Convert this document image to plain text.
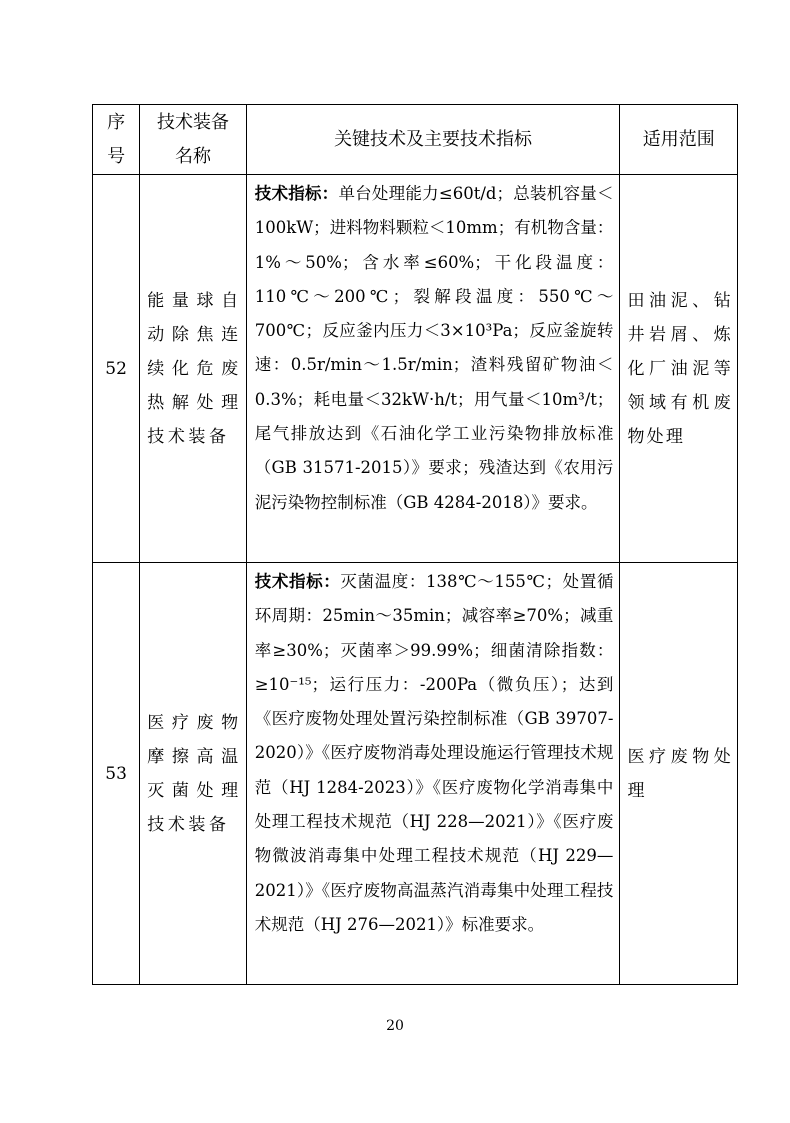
序号	技术装备名称	关键技术及主要技术指标	适用范围
52	能量球自动除焦连续化危废热解处理技术装备	技术指标：单台处理能力≤60t/d；总装机容量＜100kW；进料物料颗粒＜10mm；有机物含量：1%～50%；含水率≤60%；干化段温度：110℃～200℃；裂解段温度：550℃～700℃；反应釜内压力＜3×10³Pa；反应釜旋转速：0.5r/min～1.5r/min；渣料残留矿物油＜0.3%；耗电量＜32kW·h/t；用气量＜10m³/t；尾气排放达到《石油化学工业污染物排放标准（GB 31571-2015）》要求；残渣达到《农用污泥污染物控制标准（GB 4284-2018）》要求。	田油泥、钻井岩屑、炼化厂油泥等领域有机废物处理
53	医疗废物摩擦高温灭菌处理技术装备	技术指标：灭菌温度：138℃～155℃；处置循环周期：25min～35min；减容率≥70%；减重率≥30%；灭菌率＞99.99%；细菌清除指数：≥10⁻¹⁵；运行压力：-200Pa（微负压）；达到《医疗废物处理处置污染控制标准（GB 39707-2020）》《医疗废物消毒处理设施运行管理技术规范（HJ 1284-2023）》《医疗废物化学消毒集中处理工程技术规范（HJ 228—2021）》《医疗废物微波消毒集中处理工程技术规范（HJ 229—2021）》《医疗废物高温蒸汽消毒集中处理工程技术规范（HJ 276—2021）》标准要求。	医疗废物处理
20
